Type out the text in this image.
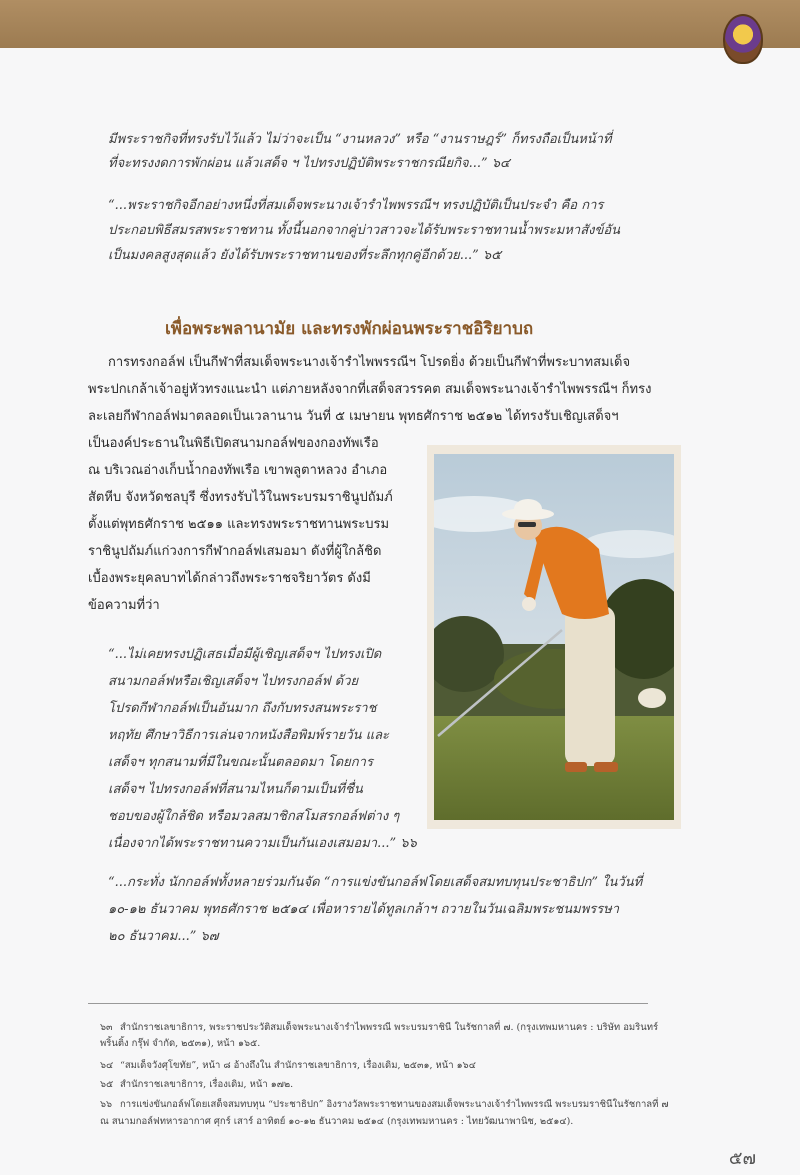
มีพระราชกิจที่ทรงรับไว้แล้ว ไม่ว่าจะเป็น “งานหลวง” หรือ “งานราษฎร์” ก็ทรงถือเป็นหน้าที่
ที่จะทรงงดการพักผ่อน แล้วเสด็จ ฯ ไปทรงปฏิบัติพระราชกรณียกิจ...” ๖๔
“...พระราชกิจอีกอย่างหนึ่งที่สมเด็จพระนางเจ้ารำไพพรรณีฯ ทรงปฏิบัติเป็นประจำ คือ การ
ประกอบพิธีสมรสพระราชทาน ทั้งนี้นอกจากคู่บ่าวสาวจะได้รับพระราชทานน้ำพระมหาสังข์อัน
เป็นมงคลสูงสุดแล้ว ยังได้รับพระราชทานของที่ระลึกทุกคู่อีกด้วย...” ๖๕
เพื่อพระพลานามัย และทรงพักผ่อนพระราชอิริยาบถ
การทรงกอล์ฟ เป็นกีฬาที่สมเด็จพระนางเจ้ารำไพพรรณีฯ โปรดยิ่ง ด้วยเป็นกีฬาที่พระบาทสมเด็จ
พระปกเกล้าเจ้าอยู่หัวทรงแนะนำ แต่ภายหลังจากที่เสด็จสวรรคต สมเด็จพระนางเจ้ารำไพพรรณีฯ ก็ทรง
ละเลยกีฬากอล์ฟมาตลอดเป็นเวลานาน วันที่ ๕ เมษายน พุทธศักราช ๒๕๑๒ ได้ทรงรับเชิญเสด็จฯ
เป็นองค์ประธานในพิธีเปิดสนามกอล์ฟของกองทัพเรือ
ณ บริเวณอ่างเก็บน้ำกองทัพเรือ เขาพลูตาหลวง อำเภอ
สัตหีบ จังหวัดชลบุรี ซึ่งทรงรับไว้ในพระบรมราชินูปถัมภ์
ตั้งแต่พุทธศักราช ๒๕๑๑ และทรงพระราชทานพระบรม
ราชินูปถัมภ์แก่วงการกีฬากอล์ฟเสมอมา ดังที่ผู้ใกล้ชิด
เบื้องพระยุคลบาทได้กล่าวถึงพระราชจริยาวัตร ดังมี
ข้อความที่ว่า
“...ไม่เคยทรงปฏิเสธเมื่อมีผู้เชิญเสด็จฯ ไปทรงเปิด
สนามกอล์ฟหรือเชิญเสด็จฯ ไปทรงกอล์ฟ ด้วย
โปรดกีฬากอล์ฟเป็นอันมาก ถึงกับทรงสนพระราช
หฤทัย ศึกษาวิธีการเล่นจากหนังสือพิมพ์รายวัน และ
เสด็จฯ ทุกสนามที่มีในขณะนั้นตลอดมา โดยการ
เสด็จฯ ไปทรงกอล์ฟที่สนามไหนก็ตามเป็นที่ชื่น
ชอบของผู้ใกล้ชิด หรือมวลสมาชิกสโมสรกอล์ฟต่าง ๆ
เนื่องจากได้พระราชทานความเป็นกันเองเสมอมา...” ๖๖
“...กระทั่ง นักกอล์ฟทั้งหลายร่วมกันจัด “การแข่งขันกอล์ฟโดยเสด็จสมทบทุนประชาธิปก” ในวันที่
๑๐-๑๒ ธันวาคม พุทธศักราช ๒๕๑๔ เพื่อหารายได้ทูลเกล้าฯ ถวายในวันเฉลิมพระชนมพรรษา
๒๐ ธันวาคม...” ๖๗
๖๓ สำนักราชเลขาธิการ, พระราชประวัติสมเด็จพระนางเจ้ารำไพพรรณี พระบรมราชินี ในรัชกาลที่ ๗. (กรุงเทพมหานคร : บริษัท อมรินทร์
พริ้นติ้ง กรุ๊ฟ จำกัด, ๒๕๓๑), หน้า ๑๖๕.
๖๔ “สมเด็จวังศุโขทัย”, หน้า ๘ อ้างถึงใน สำนักราชเลขาธิการ, เรื่องเดิม, ๒๕๓๑, หน้า ๑๖๔
๖๕ สำนักราชเลขาธิการ, เรื่องเดิม, หน้า ๑๗๒.
๖๖ การแข่งขันกอล์ฟโดยเสด็จสมทบทุน “ประชาธิปก” อิงรางวัลพระราชทานของสมเด็จพระนางเจ้ารำไพพรรณี พระบรมราชินีในรัชกาลที่ ๗
ณ สนามกอล์ฟทหารอากาศ ศุกร์ เสาร์ อาทิตย์ ๑๐-๑๒ ธันวาคม ๒๕๑๔ (กรุงเทพมหานคร : ไทยวัฒนาพานิช, ๒๕๑๔).
๕๗
